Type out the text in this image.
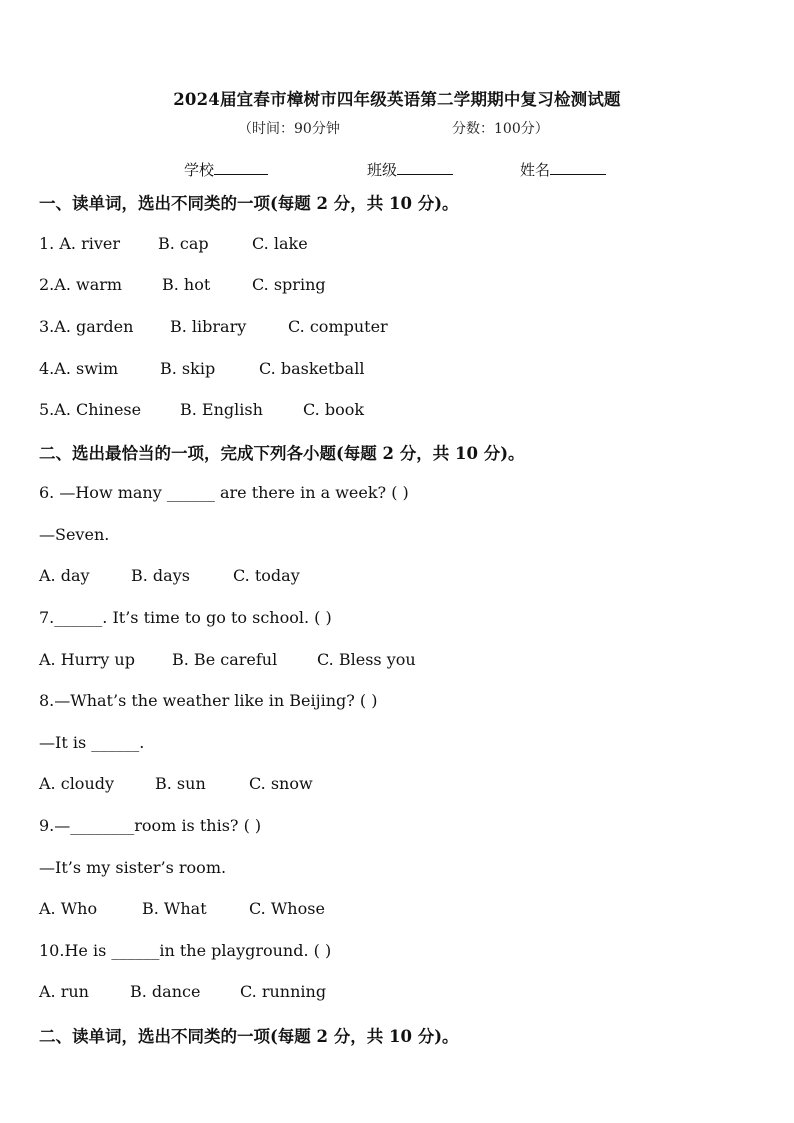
2024届宜春市樟树市四年级英语第二学期期中复习检测试题
（时间：90分钟	分数：100分）
学校	班级	姓名
一、读单词，选出不同类的一项(每题 2 分，共 10 分)。
1. A. river B. cap	C. lake
2.A. warm B. hot	C. spring
3.A. garden B. library	C. computer
4.A. swim	B. skip	C. basketball
5.A. Chinese B. English	C. book
二、选出最恰当的一项，完成下列各小题(每题 2 分，共 10 分)。
6. —How many ______ are there in a week? ( )
—Seven.
A. day	B. days	C. today
7.______. It’s time to go to school. ( )
A. Hurry up B. Be careful C. Bless you
8.—What’s the weather like in Beijing? ( )
—It is ______.
A. cloudy	B. sun	C. snow
9.—________room is this? ( )
—It’s my sister’s room.
A. Who	B. What	C. Whose
10.He is ______in the playground. ( )
A. run	B. dance C. running
二、读单词，选出不同类的一项(每题 2 分，共 10 分)。
